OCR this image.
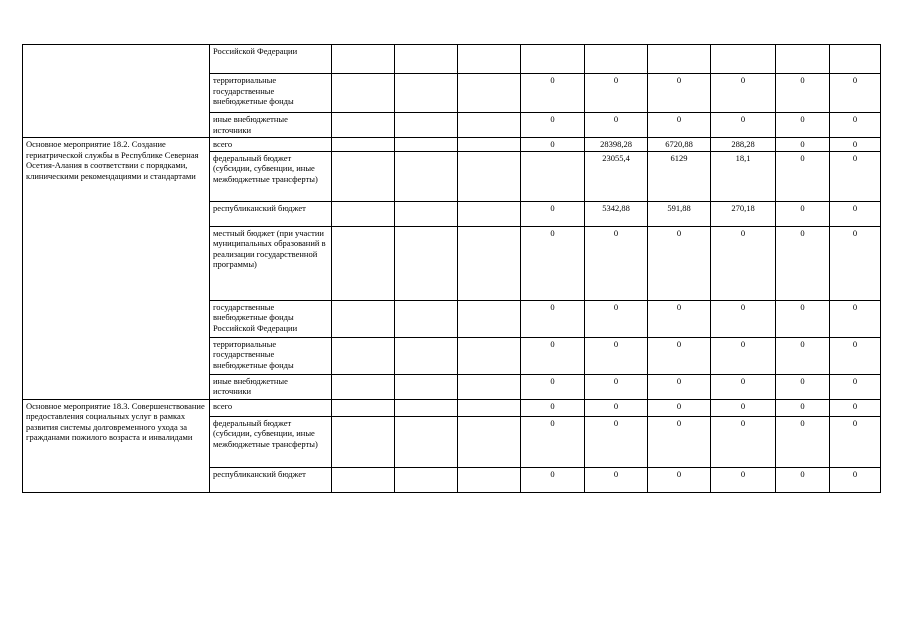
	Российской Федерации									
	территориальные государственные внебюджетные фонды				0	0	0	0	0	0
	иные внебюджетные источники				0	0	0	0	0	0
Основное мероприятие 18.2. Создание гериатрической службы в Республике Северная Осетия-Алания в соответствии с порядками, клиническими рекомендациями и стандартами	всего				0	28398,28	6720,88	288,28	0	0
	федеральный бюджет (субсидии, субвенции, иные межбюджетные трансферты)					23055,4	6129	18,1	0	0
	республиканский бюджет				0	5342,88	591,88	270,18	0	0
	местный бюджет (при участии муниципальных образований в реализации государственной программы)				0	0	0	0	0	0
	государственные внебюджетные фонды Российской Федерации				0	0	0	0	0	0
	территориальные государственные внебюджетные фонды				0	0	0	0	0	0
	иные внебюджетные источники				0	0	0	0	0	0
Основное мероприятие 18.3. Совершенствование предоставления социальных услуг в рамках развития системы долговременного ухода за гражданами пожилого возраста и инвалидами	всего				0	0	0	0	0	0
	федеральный бюджет (субсидии, субвенции, иные межбюджетные трансферты)				0	0	0	0	0	0
	республиканский бюджет				0	0	0	0	0	0
